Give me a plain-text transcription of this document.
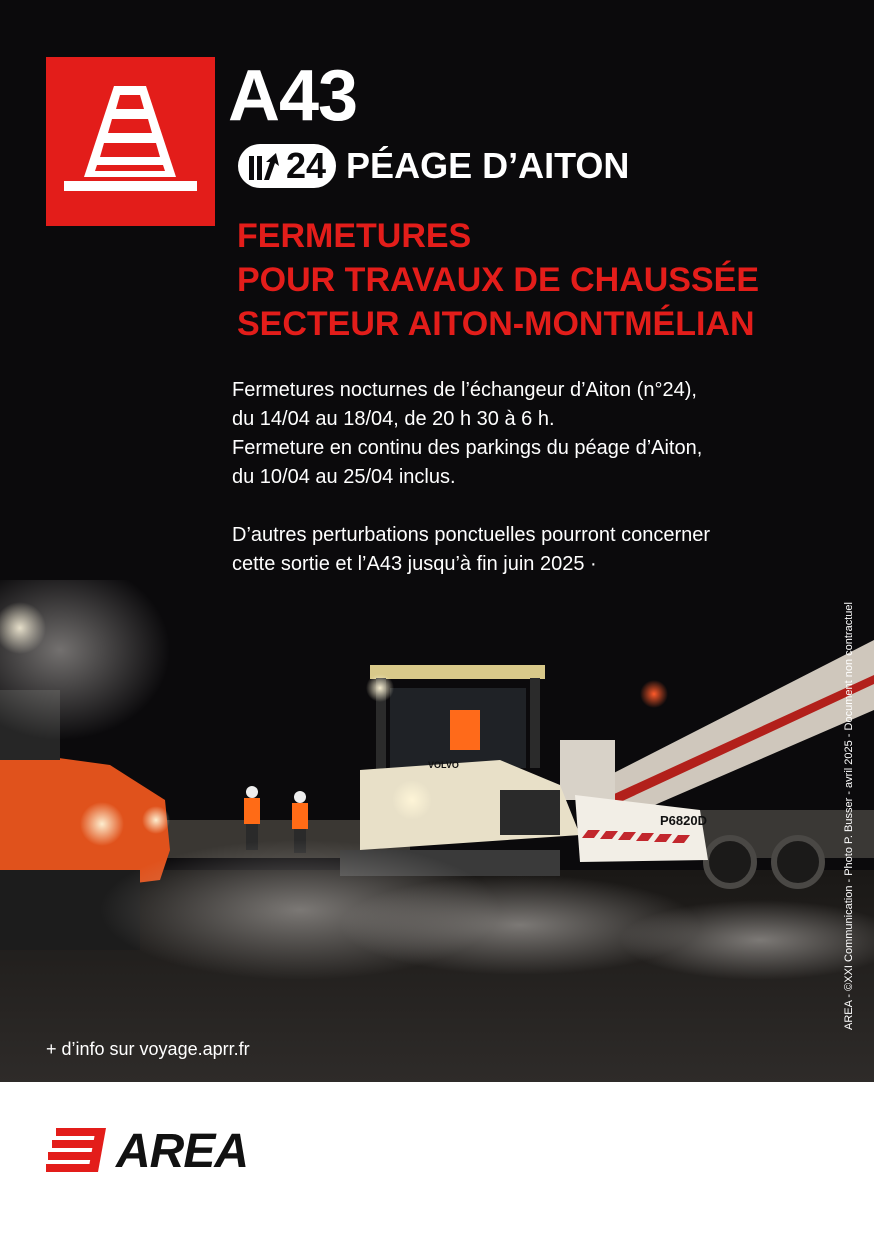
A43
24 PÉAGE D’AITON
FERMETURES
POUR TRAVAUX DE CHAUSSÉE
SECTEUR AITON-MONTMÉLIAN

Fermetures nocturnes de l’échangeur d’Aiton (n°24),

du 14/04 au 18/04, de 20 h 30 à 6 h.

Fermeture en continu des parkings du péage d’Aiton,

du 10/04 au 25/04 inclus.

D’autres perturbations ponctuelles pourront concerner

cette sortie et l’A43 jusqu’à fin juin 2025 ·

P6820D
VOLVO
+ d’info sur voyage.aprr.fr
AREA - ©XXI Communication - Photo P. Busser - avril 2025 - Document non contractuel
AREA
